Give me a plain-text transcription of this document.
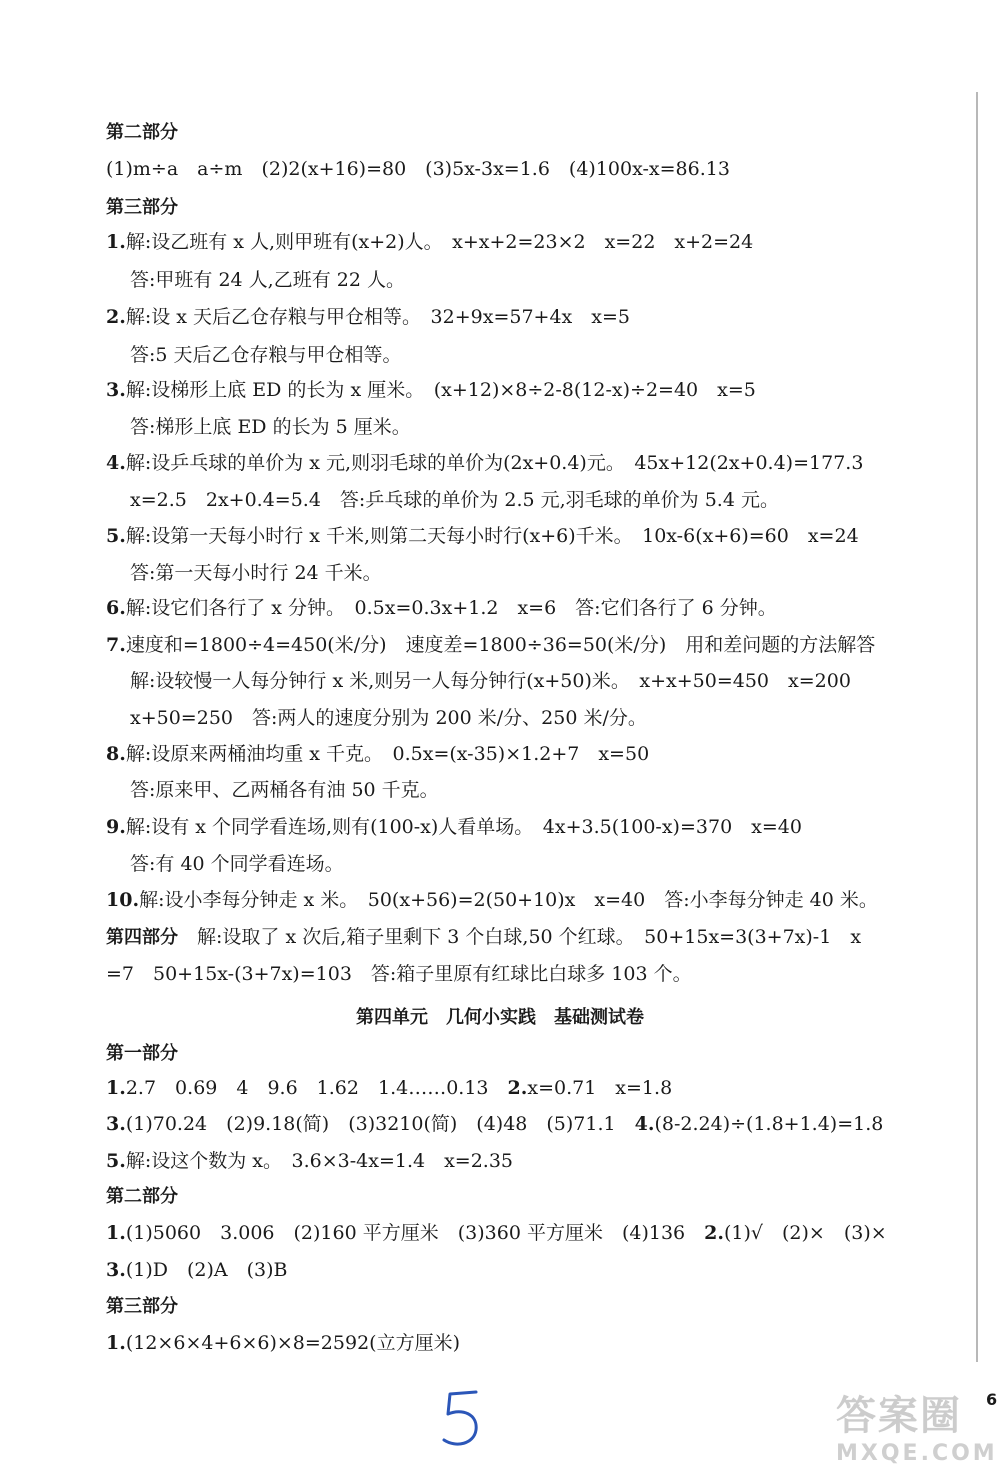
第二部分
(1)m÷a　a÷m　(2)2(x+16)=80　(3)5x-3x=1.6　(4)100x-x=86.13
第三部分
1.解:设乙班有 x 人,则甲班有(x+2)人。　x+x+2=23×2　x=22　x+2=24
答:甲班有 24 人,乙班有 22 人。
2.解:设 x 天后乙仓存粮与甲仓相等。　32+9x=57+4x　x=5
答:5 天后乙仓存粮与甲仓相等。
3.解:设梯形上底 ED 的长为 x 厘米。　(x+12)×8÷2-8(12-x)÷2=40　x=5
答:梯形上底 ED 的长为 5 厘米。
4.解:设乒乓球的单价为 x 元,则羽毛球的单价为(2x+0.4)元。　45x+12(2x+0.4)=177.3
x=2.5　2x+0.4=5.4　答:乒乓球的单价为 2.5 元,羽毛球的单价为 5.4 元。
5.解:设第一天每小时行 x 千米,则第二天每小时行(x+6)千米。　10x-6(x+6)=60　x=24
答:第一天每小时行 24 千米。
6.解:设它们各行了 x 分钟。　0.5x=0.3x+1.2　x=6　答:它们各行了 6 分钟。
7.速度和=1800÷4=450(米/分)　速度差=1800÷36=50(米/分)　用和差问题的方法解答
解:设较慢一人每分钟行 x 米,则另一人每分钟行(x+50)米。　x+x+50=450　x=200
x+50=250　答:两人的速度分别为 200 米/分、250 米/分。
8.解:设原来两桶油均重 x 千克。　0.5x=(x-35)×1.2+7　x=50
答:原来甲、乙两桶各有油 50 千克。
9.解:设有 x 个同学看连场,则有(100-x)人看单场。　4x+3.5(100-x)=370　x=40
答:有 40 个同学看连场。
10.解:设小李每分钟走 x 米。　50(x+56)=2(50+10)x　x=40　答:小李每分钟走 40 米。
第四部分　 解:设取了 x 次后,箱子里剩下 3 个白球,50 个红球。　50+15x=3(3+7x)-1　x
=7　50+15x-(3+7x)=103　答:箱子里原有红球比白球多 103 个。
第四单元　几何小实践　基础测试卷
第一部分
1.2.7　0.69　4　9.6　1.62　1.4……0.13　 2.x=0.71　x=1.8
3.(1)70.24　(2)9.18(简)　(3)3210(简)　(4)48　(5)71.1　 4.(8-2.24)÷(1.8+1.4)=1.8
5.解:设这个数为 x。　3.6×3-4x=1.4　x=2.35
第二部分
1.(1)5060　3.006　(2)160 平方厘米　(3)360 平方厘米　(4)136　 2.(1)√　(2)×　(3)×
3.(1)D　(2)A　(3)B
第三部分
1.(12×6×4+6×6)×8=2592(立方厘米)
6
答案圈
MXQE.COM
